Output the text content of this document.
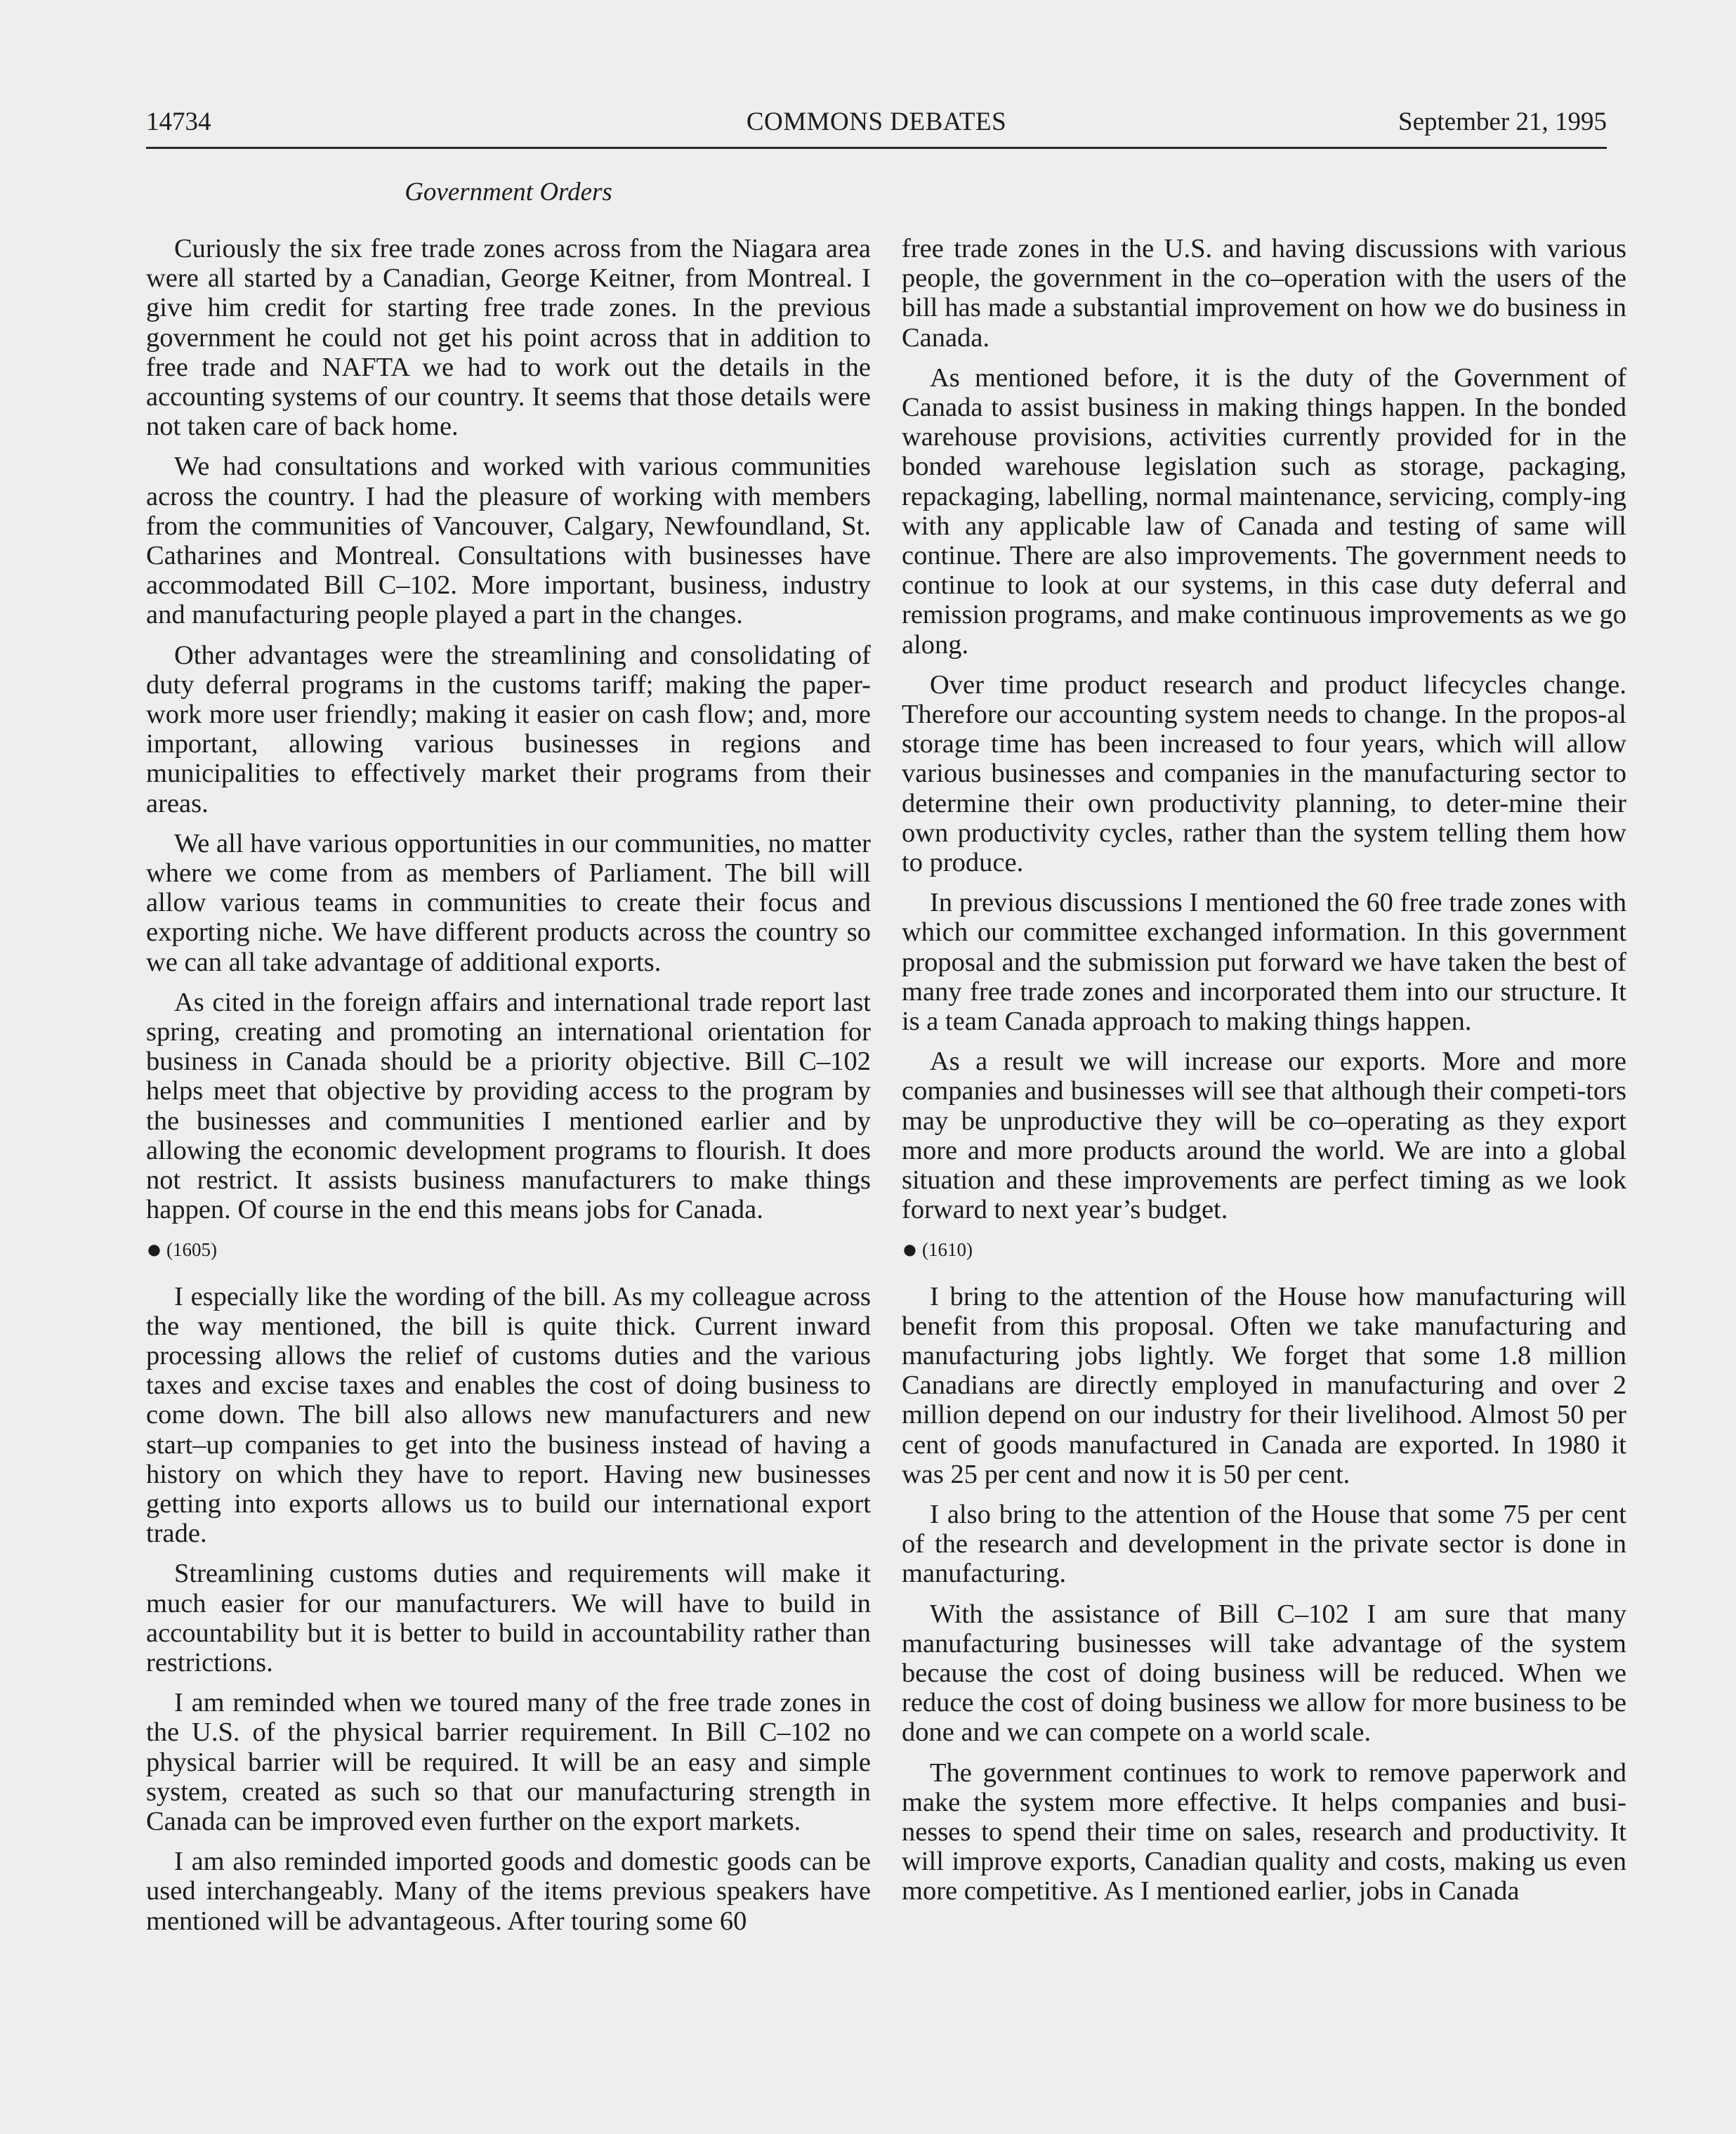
14734	COMMONS DEBATES	September 21, 1995
Government Orders

Curiously the six free trade zones across from the Niagara area were all started by a Canadian, George Keitner, from Montreal. I give him credit for starting free trade zones. In the previous government he could not get his point across that in addition to free trade and NAFTA we had to work out the details in the accounting systems of our country. It seems that those details were not taken care of back home.

We had consultations and worked with various communities across the country. I had the pleasure of working with members from the communities of Vancouver, Calgary, Newfoundland, St. Catharines and Montreal. Consultations with businesses have accommodated Bill C–102. More important, business, industry and manufacturing people played a part in the changes.

Other advantages were the streamlining and consolidating of duty deferral programs in the customs tariff; making the paper-work more user friendly; making it easier on cash flow; and, more important, allowing various businesses in regions and municipalities to effectively market their programs from their areas.

We all have various opportunities in our communities, no matter where we come from as members of Parliament. The bill will allow various teams in communities to create their focus and exporting niche. We have different products across the country so we can all take advantage of additional exports.

As cited in the foreign affairs and international trade report last spring, creating and promoting an international orientation for business in Canada should be a priority objective. Bill C–102 helps meet that objective by providing access to the program by the businesses and communities I mentioned earlier and by allowing the economic development programs to flourish. It does not restrict. It assists business manufacturers to make things happen. Of course in the end this means jobs for Canada.

● (1605)

I especially like the wording of the bill. As my colleague across the way mentioned, the bill is quite thick. Current inward processing allows the relief of customs duties and the various taxes and excise taxes and enables the cost of doing business to come down. The bill also allows new manufacturers and new start–up companies to get into the business instead of having a history on which they have to report. Having new businesses getting into exports allows us to build our international export trade.

Streamlining customs duties and requirements will make it much easier for our manufacturers. We will have to build in accountability but it is better to build in accountability rather than restrictions.

I am reminded when we toured many of the free trade zones in the U.S. of the physical barrier requirement. In Bill C–102 no physical barrier will be required. It will be an easy and simple system, created as such so that our manufacturing strength in Canada can be improved even further on the export markets.

I am also reminded imported goods and domestic goods can be used interchangeably. Many of the items previous speakers have mentioned will be advantageous. After touring some 60

free trade zones in the U.S. and having discussions with various people, the government in the co–operation with the users of the bill has made a substantial improvement on how we do business in Canada.

As mentioned before, it is the duty of the Government of Canada to assist business in making things happen. In the bonded warehouse provisions, activities currently provided for in the bonded warehouse legislation such as storage, packaging, repackaging, labelling, normal maintenance, servicing, comply-ing with any applicable law of Canada and testing of same will continue. There are also improvements. The government needs to continue to look at our systems, in this case duty deferral and remission programs, and make continuous improvements as we go along.

Over time product research and product lifecycles change. Therefore our accounting system needs to change. In the propos-al storage time has been increased to four years, which will allow various businesses and companies in the manufacturing sector to determine their own productivity planning, to deter-mine their own productivity cycles, rather than the system telling them how to produce.

In previous discussions I mentioned the 60 free trade zones with which our committee exchanged information. In this government proposal and the submission put forward we have taken the best of many free trade zones and incorporated them into our structure. It is a team Canada approach to making things happen.

As a result we will increase our exports. More and more companies and businesses will see that although their competi-tors may be unproductive they will be co–operating as they export more and more products around the world. We are into a global situation and these improvements are perfect timing as we look forward to next year’s budget.

● (1610)

I bring to the attention of the House how manufacturing will benefit from this proposal. Often we take manufacturing and manufacturing jobs lightly. We forget that some 1.8 million Canadians are directly employed in manufacturing and over 2 million depend on our industry for their livelihood. Almost 50 per cent of goods manufactured in Canada are exported. In 1980 it was 25 per cent and now it is 50 per cent.

I also bring to the attention of the House that some 75 per cent of the research and development in the private sector is done in manufacturing.

With the assistance of Bill C–102 I am sure that many manufacturing businesses will take advantage of the system because the cost of doing business will be reduced. When we reduce the cost of doing business we allow for more business to be done and we can compete on a world scale.

The government continues to work to remove paperwork and make the system more effective. It helps companies and busi-nesses to spend their time on sales, research and productivity. It will improve exports, Canadian quality and costs, making us even more competitive. As I mentioned earlier, jobs in Canada
